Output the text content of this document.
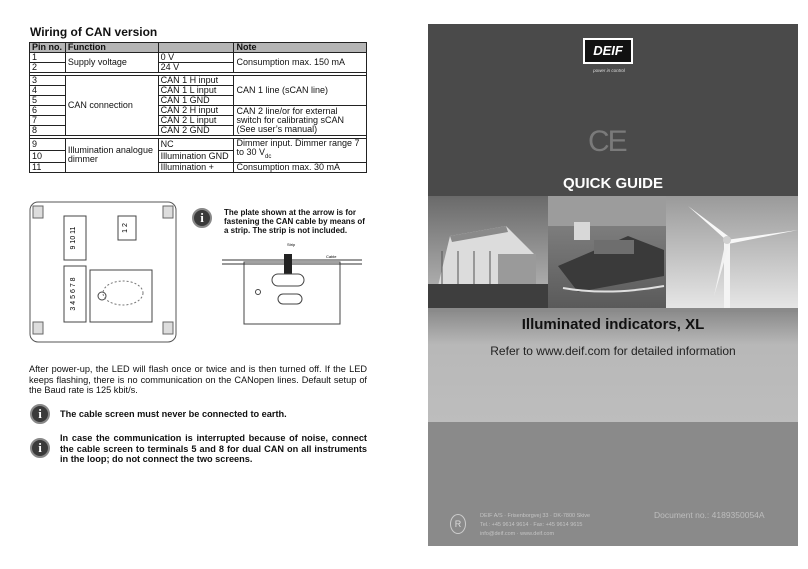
Wiring of CAN version
Pin no.	Function		Note
1	Supply voltage	0 V	Consumption max. 150 mA
2		24 V	

3	CAN connection	CAN 1 H input	CAN 1 line (sCAN line)
4		CAN 1 L input	
5		CAN 1 GND	
6		CAN 2 H input	CAN 2 line/or for external switch for calibrating sCAN (See user’s manual)
7		CAN 2 L input	
8		CAN 2 GND	

9	Illumination analogue dimmer	NC	Dimmer input. Dimmer range 7 to 30 $V_{dc}$
10		Illumination GND	
11		Illumination +	Consumption max. 30 mA
9 10 11	1 2
3 4 5 6 7 8
i	The plate shown at the arrow is for fastening the CAN cable by means of a strip. The strip is not included.
Strip
Cable
After power-up, the LED will flash once or twice and is then turned off. If the LED keeps flashing, there is no communication on the CANopen lines. Default setup of the Baud rate is 125 kbit/s.
i	The cable screen must never be connected to earth.
i
In case the communication is interrupted because of noise, connect the cable screen to terminals 5 and 8 for dual CAN on all instruments in the loop; do not connect the two screens.
DEIF
power in control
CE
QUICK GUIDE
Illuminated indicators, XL
Refer to www.deif.com for detailed information
R
DEIF A/S · Frisenborgvej 33 · DK-7800 Skive
Tel.: +45 9614 9614 · Fax: +45 9614 9615
info@deif.com · www.deif.com
Document no.: 4189350054A
